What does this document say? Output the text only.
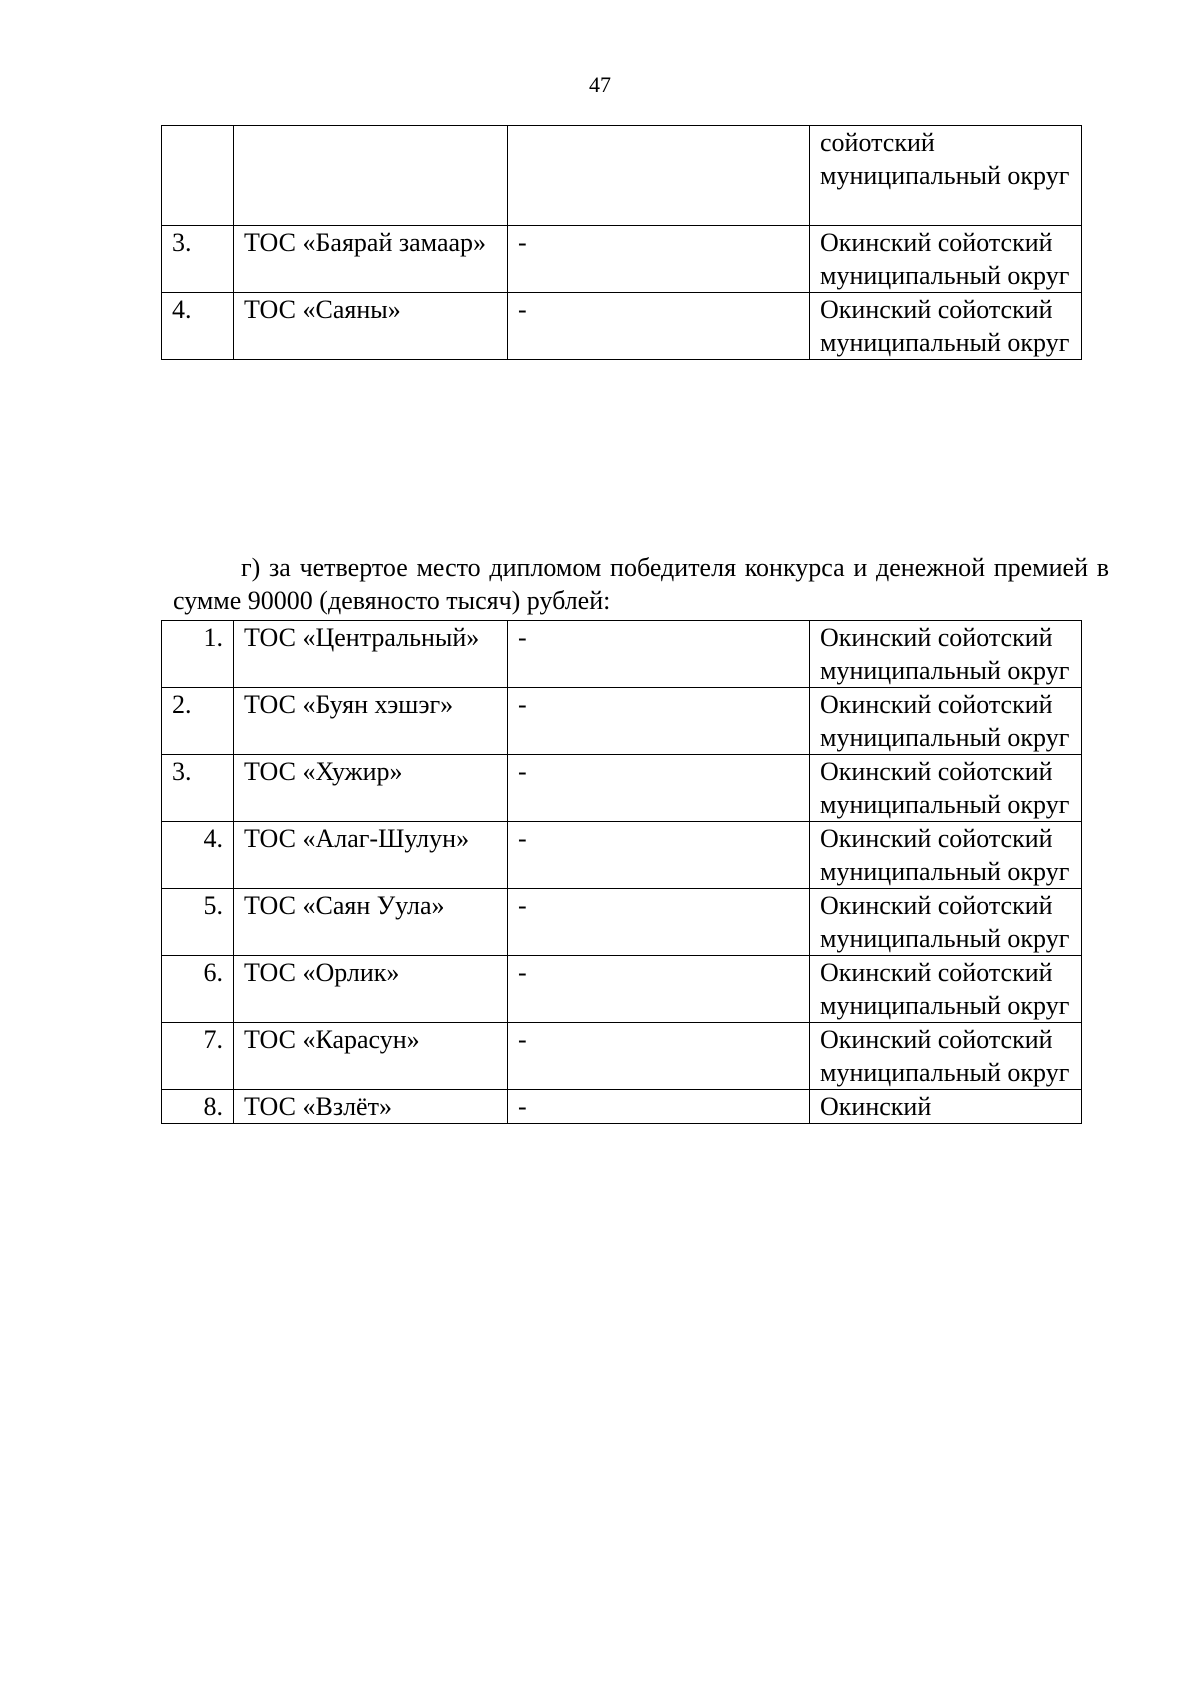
47
			сойотский муниципальный округ
3.	ТОС «Баярай замаар»	-	Окинский сойотский муниципальный округ
4.	ТОС «Саяны»	-	Окинский сойотский муниципальный округ

г) за четвертое место дипломом победителя конкурса и денежной премией в сумме 90000 (девяносто тысяч) рублей:

1.	ТОС «Центральный»	-	Окинский сойотский муниципальный округ
2.	ТОС «Буян хэшэг»	-	Окинский сойотский муниципальный округ
3.	ТОС «Хужир»	-	Окинский сойотский муниципальный округ
4.	ТОС «Алаг-Шулун»	-	Окинский сойотский муниципальный округ
5.	ТОС «Саян Уула»	-	Окинский сойотский муниципальный округ
6.	ТОС «Орлик»	-	Окинский сойотский муниципальный округ
7.	ТОС «Карасун»	-	Окинский сойотский муниципальный округ
8.	ТОС «Взлёт»	-	Окинский
